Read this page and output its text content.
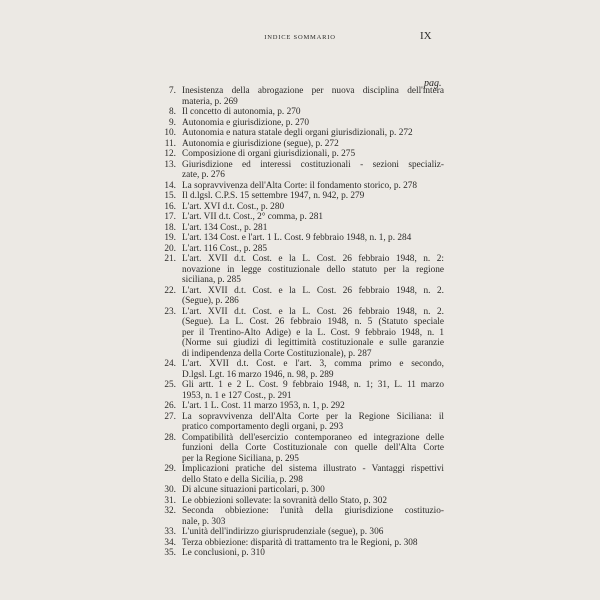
INDICE SOMMARIO	IX
pag.
7. Inesistenza della abrogazione per nuova disciplina dell'intera
materia, p. 269
8. Il concetto di autonomia, p. 270
9. Autonomia e giurisdizione, p. 270
10. Autonomia e natura statale degli organi giurisdizionali, p. 272
11. Autonomia e giurisdizione (segue), p. 272
12. Composizione di organi giurisdizionali, p. 275
13. Giurisdizione ed interessi costituzionali - sezioni specializ-
zate, p. 276
14. La sopravvivenza dell'Alta Corte: il fondamento storico, p. 278
15. Il d.lgsl. C.P.S. 15 settembre 1947, n. 942, p. 279
16. L'art. XVI d.t. Cost., p. 280
17. L'art. VII d.t. Cost., 2° comma, p. 281
18. L'art. 134 Cost., p. 281
19. L'art. 134 Cost. e l'art. 1 L. Cost. 9 febbraio 1948, n. 1, p. 284
20. L'art. 116 Cost., p. 285
21. L'art. XVII d.t. Cost. e la L. Cost. 26 febbraio 1948, n. 2:
novazione in legge costituzionale dello statuto per la regione
siciliana, p. 285
22. L'art. XVII d.t. Cost. e la L. Cost. 26 febbraio 1948, n. 2.
(Segue), p. 286
23. L'art. XVII d.t. Cost. e la L. Cost. 26 febbraio 1948, n. 2.
(Segue). La L. Cost. 26 febbraio 1948, n. 5 (Statuto speciale
per il Trentino-Alto Adige) e la L. Cost. 9 febbraio 1948, n. 1
(Norme sui giudizi di legittimità costituzionale e sulle garanzie
di indipendenza della Corte Costituzionale), p. 287
24. L'art. XVII d.t. Cost. e l'art. 3, comma primo e secondo,
D.lgsl. Lgt. 16 marzo 1946, n. 98, p. 289
25. Gli artt. 1 e 2 L. Cost. 9 febbraio 1948, n. 1; 31, L. 11 marzo
1953, n. 1 e 127 Cost., p. 291
26. L'art. 1 L. Cost. 11 marzo 1953, n. 1, p. 292
27. La sopravvivenza dell'Alta Corte per la Regione Siciliana: il
pratico comportamento degli organi, p. 293
28. Compatibilità dell'esercizio contemporaneo ed integrazione delle
funzioni della Corte Costituzionale con quelle dell'Alta Corte
per la Regione Siciliana, p. 295
29. Implicazioni pratiche del sistema illustrato - Vantaggi rispettivi
dello Stato e della Sicilia, p. 298
30. Di alcune situazioni particolari, p. 300
31. Le obbiezioni sollevate: la sovranità dello Stato, p. 302
32. Seconda obbiezione: l'unità della giurisdizione costituzio-
nale, p. 303
33. L'unità dell'indirizzo giurisprudenziale (segue), p. 306
34. Terza obbiezione: disparità di trattamento tra le Regioni, p. 308
35. Le conclusioni, p. 310
